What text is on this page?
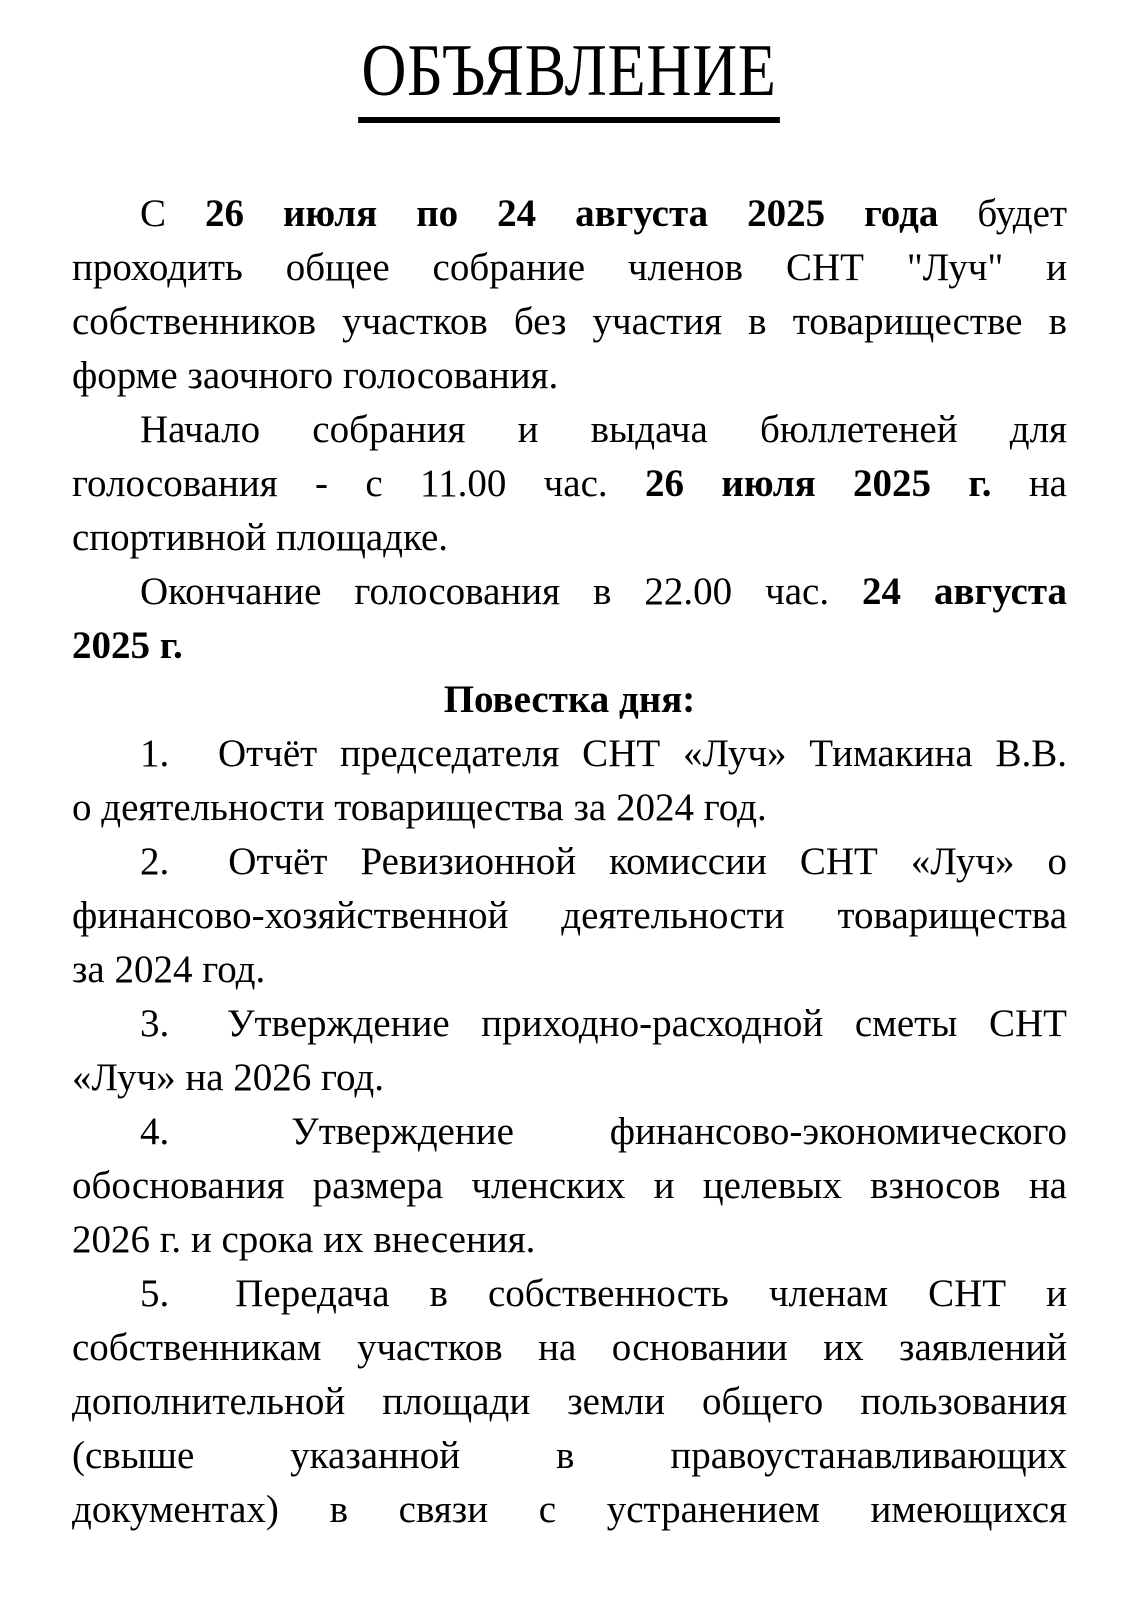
ОБЪЯВЛЕНИЕ
С 26 июля по 24 августа 2025 года будет
проходить общее собрание членов СНТ "Луч" и
собственников участков без участия в товариществе в
форме заочного голосования.
Начало собрания и выдача бюллетеней для
голосования - с 11.00 час. 26 июля 2025 г. на
спортивной площадке.
Окончание голосования в 22.00 час. 24 августа
2025 г.
Повестка дня:
1. Отчёт председателя СНТ «Луч» Тимакина В.В.
о деятельности товарищества за 2024 год.
2. Отчёт Ревизионной комиссии СНТ «Луч» о
финансово-хозяйственной деятельности товарищества
за 2024 год.
3. Утверждение приходно-расходной сметы СНТ
«Луч» на 2026 год.
4. Утверждение финансово-экономического
обоснования размера членских и целевых взносов на
2026 г. и срока их внесения.
5. Передача в собственность членам СНТ и
собственникам участков на основании их заявлений
дополнительной площади земли общего пользования
(свыше указанной в правоустанавливающих
документах) в связи с устранением имеющихся
